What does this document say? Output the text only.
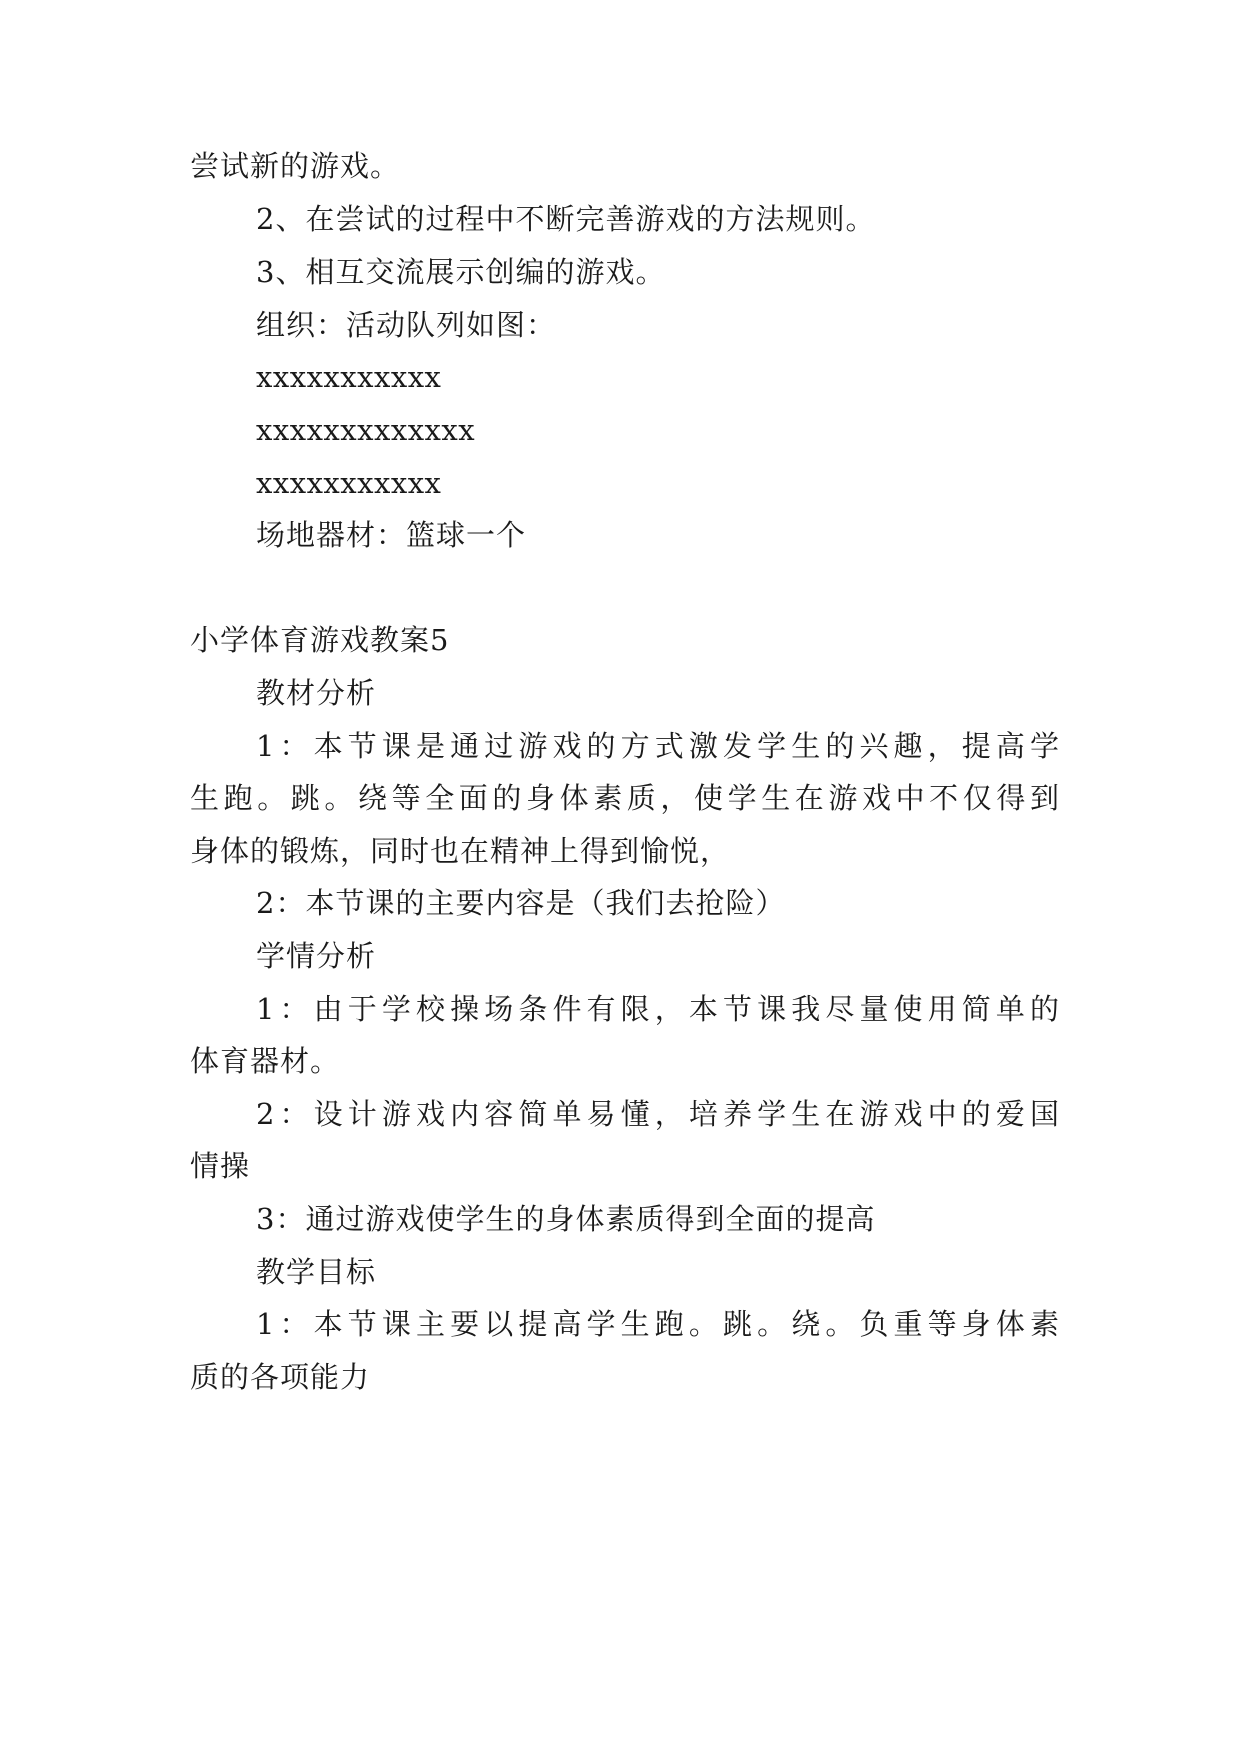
尝试新的游戏。
2、在尝试的过程中不断完善游戏的方法规则。
3、相互交流展示创编的游戏。
组织：活动队列如图：
xxxxxxxxxxx
xxxxxxxxxxxxx
xxxxxxxxxxx
场地器材：篮球一个
小学体育游戏教案5
教材分析
1：本节课是通过游戏的方式激发学生的兴趣，提高学
生跑。跳。绕等全面的身体素质，使学生在游戏中不仅得到
身体的锻炼，同时也在精神上得到愉悦，
2：本节课的主要内容是（我们去抢险）
学情分析
1：由于学校操场条件有限，本节课我尽量使用简单的
体育器材。
2：设计游戏内容简单易懂，培养学生在游戏中的爱国
情操
3：通过游戏使学生的身体素质得到全面的提高
教学目标
1：本节课主要以提高学生跑。跳。绕。负重等身体素
质的各项能力
